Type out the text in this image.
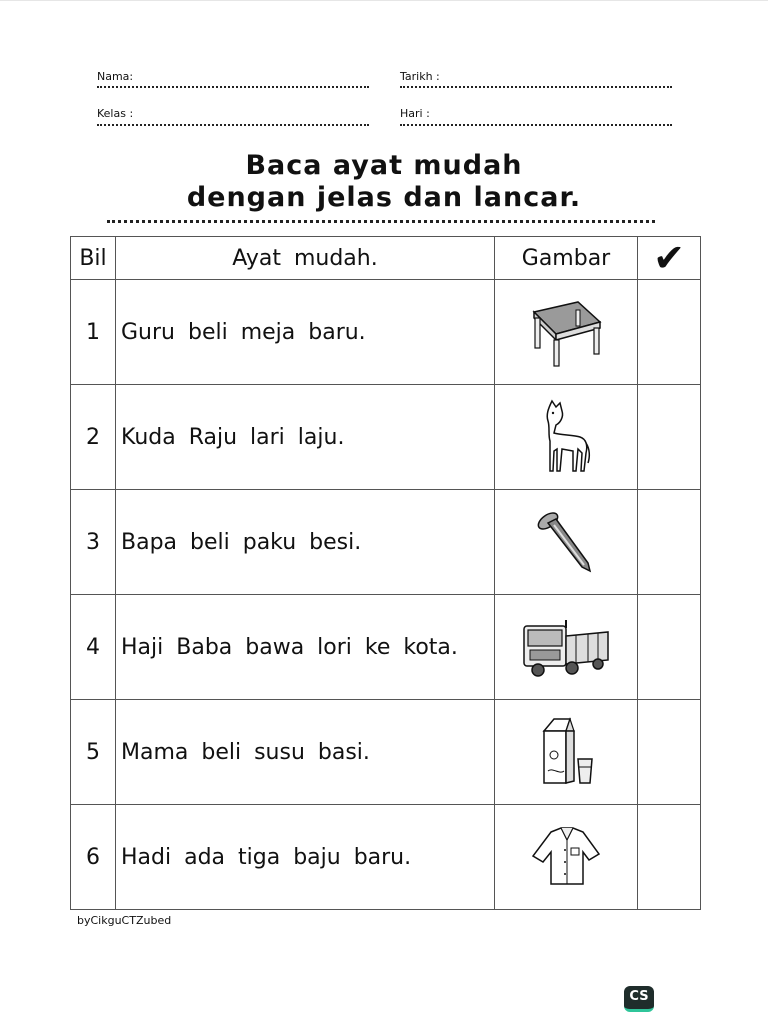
Nama:	Tarikh :
Kelas :	Hari :
Baca ayat mudah
dengan jelas dan lancar.
Bil	Ayat mudah.	Gambar	✔
1	Guru beli meja baru.	

2	Kuda Raju lari laju.	

3	Bapa beli paku besi.	

4	Haji Baba bawa lori ke kota.	

5	Mama beli susu basi.	

6	Hadi ada tiga baju baru.	

byCikguCTZubed
CS
